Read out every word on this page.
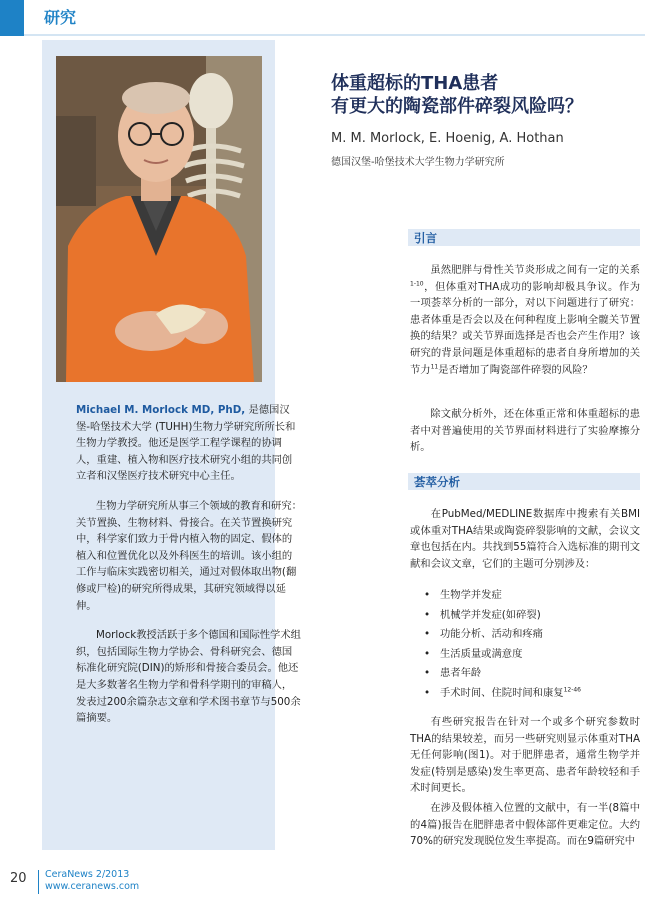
研究

Michael M. Morlock MD, PhD, 是德国汉堡-哈堡技术大学 (TUHH)生物力学研究所所长和生物力学教授。他还是医学工程学课程的协调人，重建、植入物和医疗技术研究小组的共同创立者和汉堡医疗技术研究中心主任。

生物力学研究所从事三个领域的教育和研究：关节置换、生物材料、骨接合。在关节置换研究中，科学家们致力于骨内植入物的固定、假体的植入和位置优化以及外科医生的培训。该小组的工作与临床实践密切相关，通过对假体取出物(翻修或尸检)的研究所得成果，其研究领域得以延伸。

Morlock教授活跃于多个德国和国际性学术组织，包括国际生物力学协会、骨科研究会、德国标准化研究院(DIN)的矫形和骨接合委员会。他还是大多数著名生物力学和骨科学期刊的审稿人，发表过200余篇杂志文章和学术图书章节与500余篇摘要。

体重超标的THA患者
有更大的陶瓷部件碎裂风险吗？
M. M. Morlock, E. Hoenig, A. Hothan
德国汉堡-哈堡技术大学生物力学研究所
引言

虽然肥胖与骨性关节炎形成之间有一定的关系$^{1-10}$，但体重对THA成功的影响却极具争议。作为一项荟萃分析的一部分，对以下问题进行了研究：患者体重是否会以及在何种程度上影响全髋关节置换的结果？或关节界面选择是否也会产生作用？该研究的背景问题是体重超标的患者自身所增加的关节力$^{11}$是否增加了陶瓷部件碎裂的风险？

除文献分析外，还在体重正常和体重超标的患者中对普遍使用的关节界面材料进行了实验摩擦分析。

荟萃分析

在PubMed/MEDLINE数据库中搜索有关BMI或体重对THA结果或陶瓷碎裂影响的文献，会议文章也包括在内。共找到55篇符合入选标准的期刊文献和会议文章，它们的主题可分别涉及：

• 生物学并发症
• 机械学并发症(如碎裂)
• 功能分析、活动和疼痛
• 生活质量或满意度
• 患者年龄
• 手术时间、住院时间和康复$^{12-46}$

有些研究报告在针对一个或多个研究参数时THA的结果较差，而另一些研究则显示体重对THA无任何影响(图1)。对于肥胖患者，通常生物学并发症(特别是感染)发生率更高、患者年龄较轻和手术时间更长。

在涉及假体植入位置的文献中，有一半(8篇中的4篇)报告在肥胖患者中假体部件更难定位。大约70%的研究发现脱位发生率提高。而在9篇研究中

20 CeraNews 2/2013
www.ceranews.com
